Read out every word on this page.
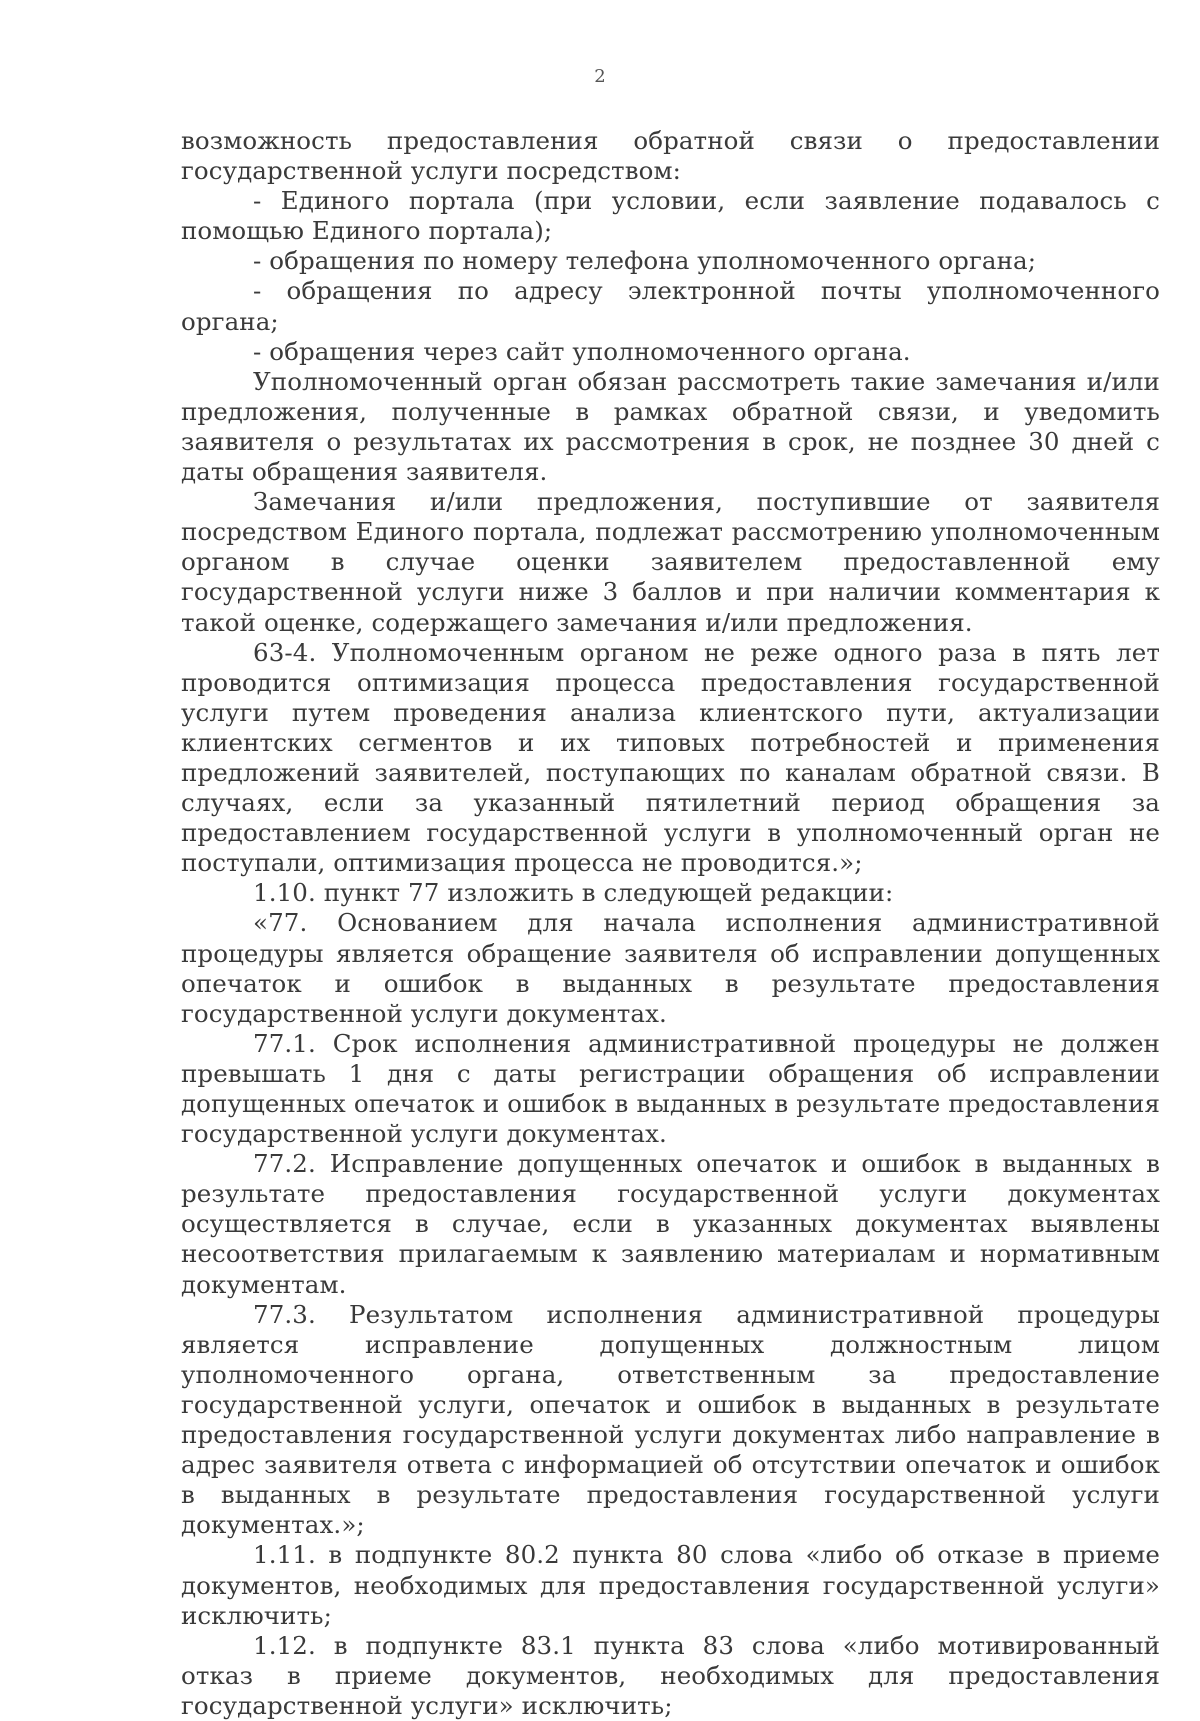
2

возможность предоставления обратной связи о предоставлении государственной услуги посредством:

- Единого портала (при условии, если заявление подавалось с помощью Единого портала);

- обращения по номеру телефона уполномоченного органа;

- обращения по адресу электронной почты уполномоченного органа;

- обращения через сайт уполномоченного органа.

Уполномоченный орган обязан рассмотреть такие замечания и/или предложения, полученные в рамках обратной связи, и уведомить заявителя о результатах их рассмотрения в срок, не позднее 30 дней с даты обращения заявителя.

Замечания и/или предложения, поступившие от заявителя посредством Единого портала, подлежат рассмотрению уполномоченным органом в случае оценки заявителем предоставленной ему государственной услуги ниже 3 баллов и при наличии комментария к такой оценке, содержащего замечания и/или предложения.

63-4. Уполномоченным органом не реже одного раза в пять лет проводится оптимизация процесса предоставления государственной услуги путем проведения анализа клиентского пути, актуализации клиентских сегментов и их типовых потребностей и применения предложений заявителей, поступающих по каналам обратной связи. В случаях, если за указанный пятилетний период обращения за предоставлением государственной услуги в уполномоченный орган не поступали, оптимизация процесса не проводится.»;

1.10. пункт 77 изложить в следующей редакции:

«77. Основанием для начала исполнения административной процедуры является обращение заявителя об исправлении допущенных опечаток и ошибок в выданных в результате предоставления государственной услуги документах.

77.1. Срок исполнения административной процедуры не должен превышать 1 дня с даты регистрации обращения об исправлении допущенных опечаток и ошибок в выданных в результате предоставления государственной услуги документах.

77.2. Исправление допущенных опечаток и ошибок в выданных в результате предоставления государственной услуги документах осуществляется в случае, если в указанных документах выявлены несоответствия прилагаемым к заявлению материалам и нормативным документам.

77.3. Результатом исполнения административной процедуры является исправление допущенных должностным лицом уполномоченного органа, ответственным за предоставление государственной услуги, опечаток и ошибок в выданных в результате предоставления государственной услуги документах либо направление в адрес заявителя ответа с информацией об отсутствии опечаток и ошибок в выданных в результате предоставления государственной услуги документах.»;

1.11. в подпункте 80.2 пункта 80 слова «либо об отказе в приеме документов, необходимых для предоставления государственной услуги» исключить;

1.12. в подпункте 83.1 пункта 83 слова «либо мотивированный отказ в приеме документов, необходимых для предоставления государственной услуги» исключить;
